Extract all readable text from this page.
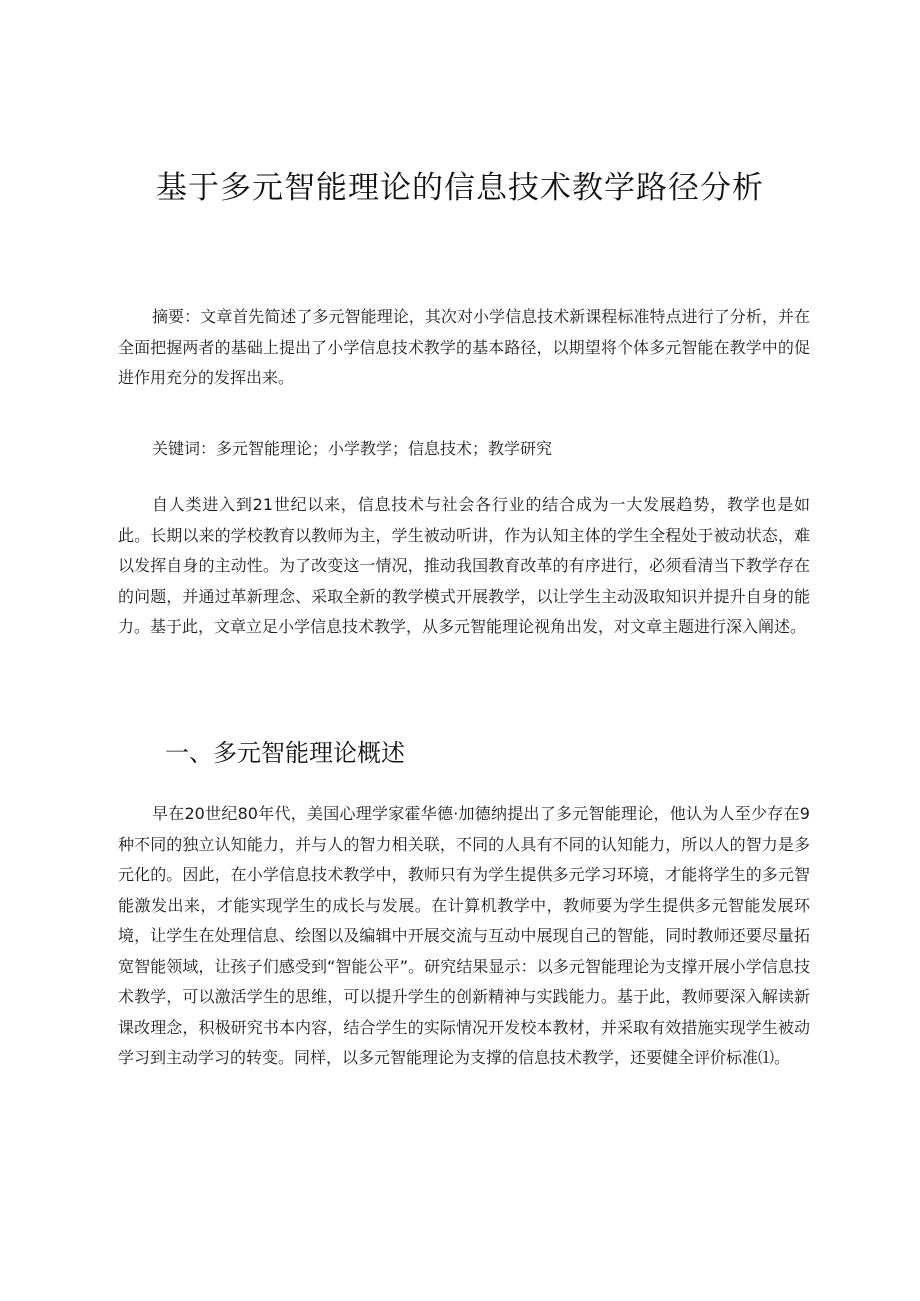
基于多元智能理论的信息技术教学路径分析

摘要：文章首先简述了多元智能理论，其次对小学信息技术新课程标准特点进行了分析，并在全面把握两者的基础上提出了小学信息技术教学的基本路径，以期望将个体多元智能在教学中的促进作用充分的发挥出来。

关键词：多元智能理论；小学教学；信息技术；教学研究

自人类进入到21世纪以来，信息技术与社会各行业的结合成为一大发展趋势，教学也是如此。长期以来的学校教育以教师为主，学生被动听讲，作为认知主体的学生全程处于被动状态，难以发挥自身的主动性。为了改变这一情况，推动我国教育改革的有序进行，必须看清当下教学存在的问题，并通过革新理念、采取全新的教学模式开展教学，以让学生主动汲取知识并提升自身的能力。基于此，文章立足小学信息技术教学，从多元智能理论视角出发，对文章主题进行深入阐述。

一、多元智能理论概述

早在20世纪80年代，美国心理学家霍华德·加德纳提出了多元智能理论，他认为人至少存在9种不同的独立认知能力，并与人的智力相关联，不同的人具有不同的认知能力，所以人的智力是多元化的。因此，在小学信息技术教学中，教师只有为学生提供多元学习环境，才能将学生的多元智能激发出来，才能实现学生的成长与发展。在计算机教学中，教师要为学生提供多元智能发展环境，让学生在处理信息、绘图以及编辑中开展交流与互动中展现自己的智能，同时教师还要尽量拓宽智能领域，让孩子们感受到“智能公平”。研究结果显示：以多元智能理论为支撑开展小学信息技术教学，可以激活学生的思维，可以提升学生的创新精神与实践能力。基于此，教师要深入解读新课改理念，积极研究书本内容，结合学生的实际情况开发校本教材，并采取有效措施实现学生被动学习到主动学习的转变。同样，以多元智能理论为支撑的信息技术教学，还要健全评价标准⑴。
